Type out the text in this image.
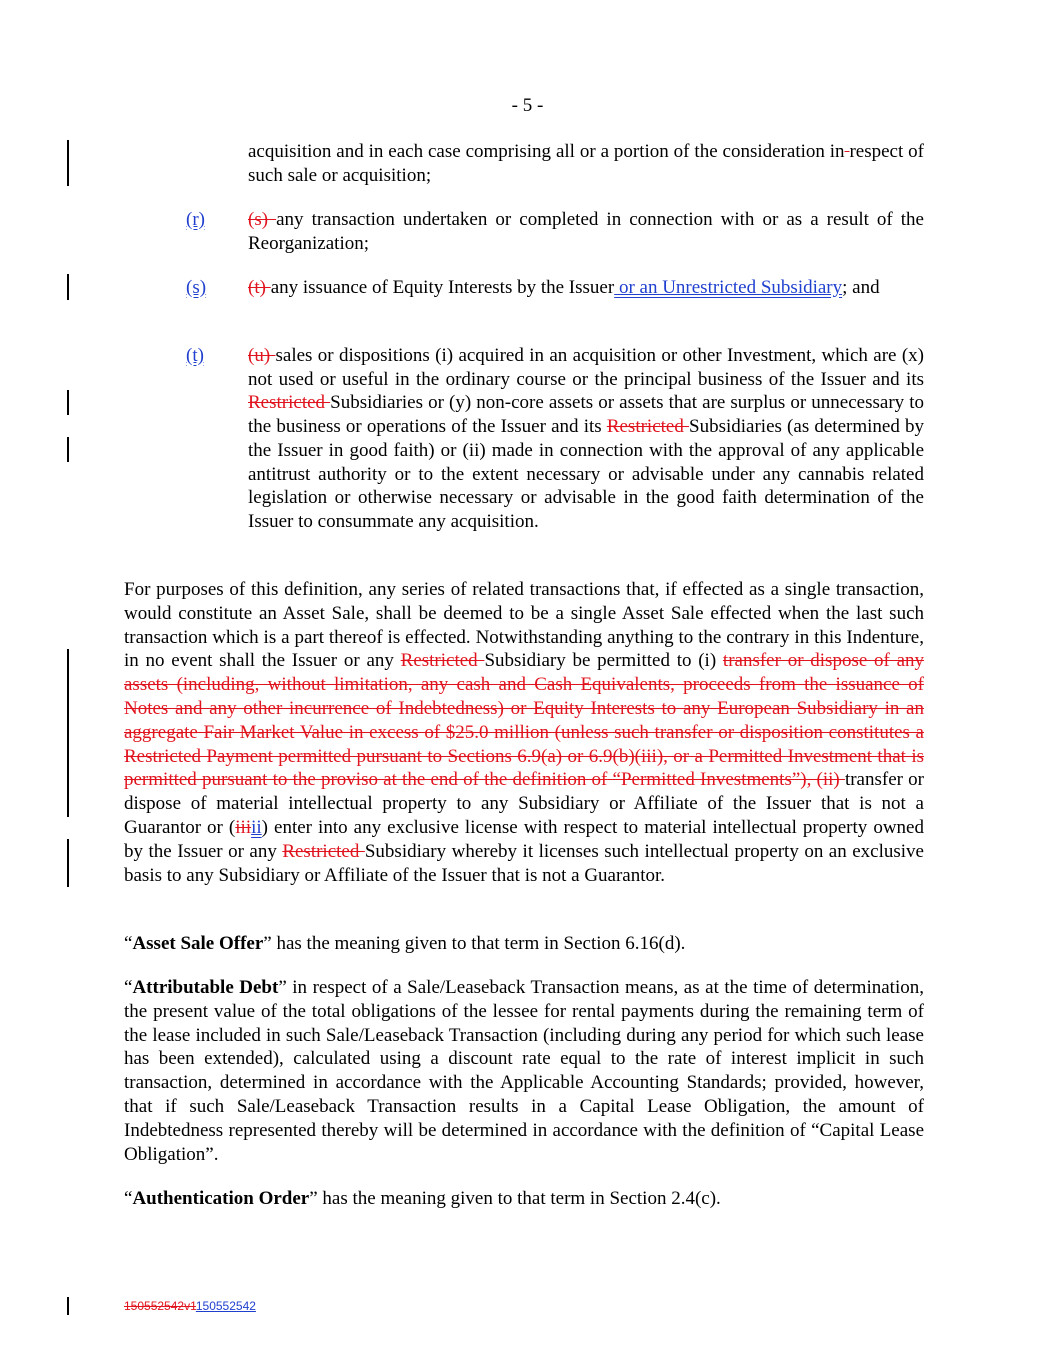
- 5 -
acquisition and in each case comprising all or a portion of the consideration in respect of such sale or acquisition;
(r) (s) any transaction undertaken or completed in connection with or as a result of the Reorganization;
(s) (t) any issuance of Equity Interests by the Issuer or an Unrestricted Subsidiary; and
(t) (u) sales or dispositions (i) acquired in an acquisition or other Investment, which are (x) not used or useful in the ordinary course or the principal business of the Issuer and its Restricted Subsidiaries or (y) non-core assets or assets that are surplus or unnecessary to the business or operations of the Issuer and its Restricted Subsidiaries (as determined by the Issuer in good faith) or (ii) made in connection with the approval of any applicable antitrust authority or to the extent necessary or advisable under any cannabis related legislation or otherwise necessary or advisable in the good faith determination of the Issuer to consummate any acquisition.
For purposes of this definition, any series of related transactions that, if effected as a single transaction, would constitute an Asset Sale, shall be deemed to be a single Asset Sale effected when the last such transaction which is a part thereof is effected. Notwithstanding anything to the contrary in this Indenture, in no event shall the Issuer or any Restricted Subsidiary be permitted to (i) transfer or dispose of any assets (including, without limitation, any cash and Cash Equivalents, proceeds from the issuance of Notes and any other incurrence of Indebtedness) or Equity Interests to any European Subsidiary in an aggregate Fair Market Value in excess of $25.0 million (unless such transfer or disposition constitutes a Restricted Payment permitted pursuant to Sections 6.9(a) or 6.9(b)(iii), or a Permitted Investment that is permitted pursuant to the proviso at the end of the definition of “Permitted Investments”), (ii) transfer or dispose of material intellectual property to any Subsidiary or Affiliate of the Issuer that is not a Guarantor or (iiiii) enter into any exclusive license with respect to material intellectual property owned by the Issuer or any Restricted Subsidiary whereby it licenses such intellectual property on an exclusive basis to any Subsidiary or Affiliate of the Issuer that is not a Guarantor.
“Asset Sale Offer” has the meaning given to that term in Section 6.16(d).
“Attributable Debt” in respect of a Sale/Leaseback Transaction means, as at the time of determination, the present value of the total obligations of the lessee for rental payments during the remaining term of the lease included in such Sale/Leaseback Transaction (including during any period for which such lease has been extended), calculated using a discount rate equal to the rate of interest implicit in such transaction, determined in accordance with the Applicable Accounting Standards; provided, however, that if such Sale/Leaseback Transaction results in a Capital Lease Obligation, the amount of Indebtedness represented thereby will be determined in accordance with the definition of “Capital Lease Obligation”.
“Authentication Order” has the meaning given to that term in Section 2.4(c).
150552542v1150552542
